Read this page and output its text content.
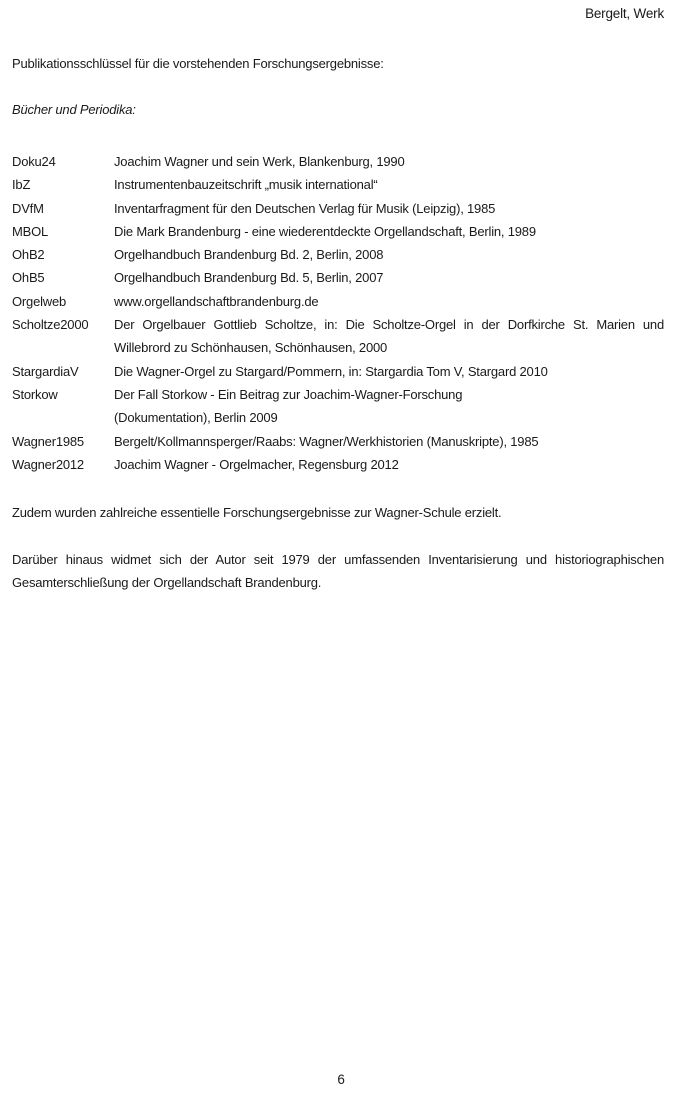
Bergelt, Werk
Publikationsschlüssel für die vorstehenden Forschungsergebnisse:
Bücher und Periodika:
Doku24	Joachim Wagner und sein Werk, Blankenburg, 1990
IbZ	Instrumentenbauzeitschrift „musik international“
DVfM	Inventarfragment für den Deutschen Verlag für Musik (Leipzig), 1985
MBOL	Die Mark Brandenburg - eine wiederentdeckte Orgellandschaft, Berlin, 1989
OhB2	Orgelhandbuch Brandenburg Bd. 2, Berlin, 2008
OhB5	Orgelhandbuch Brandenburg Bd. 5, Berlin, 2007
Orgelweb	www.orgellandschaftbrandenburg.de
Scholtze2000	Der Orgelbauer Gottlieb Scholtze, in: Die Scholtze-Orgel in der Dorfkirche St. Marien und Willebrord zu Schönhausen, Schönhausen, 2000
StargardiaV	Die Wagner-Orgel zu Stargard/Pommern, in: Stargardia Tom V, Stargard 2010
Storkow	Der Fall Storkow - Ein Beitrag zur Joachim-Wagner-Forschung
(Dokumentation), Berlin 2009
Wagner1985	Bergelt/Kollmannsperger/Raabs: Wagner/Werkhistorien (Manuskripte), 1985
Wagner2012	Joachim Wagner - Orgelmacher, Regensburg 2012
Zudem wurden zahlreiche essentielle Forschungsergebnisse zur Wagner-Schule erzielt.
Darüber hinaus widmet sich der Autor seit 1979 der umfassenden Inventarisierung und historiographischen Gesamterschließung der Orgellandschaft Brandenburg.
6
